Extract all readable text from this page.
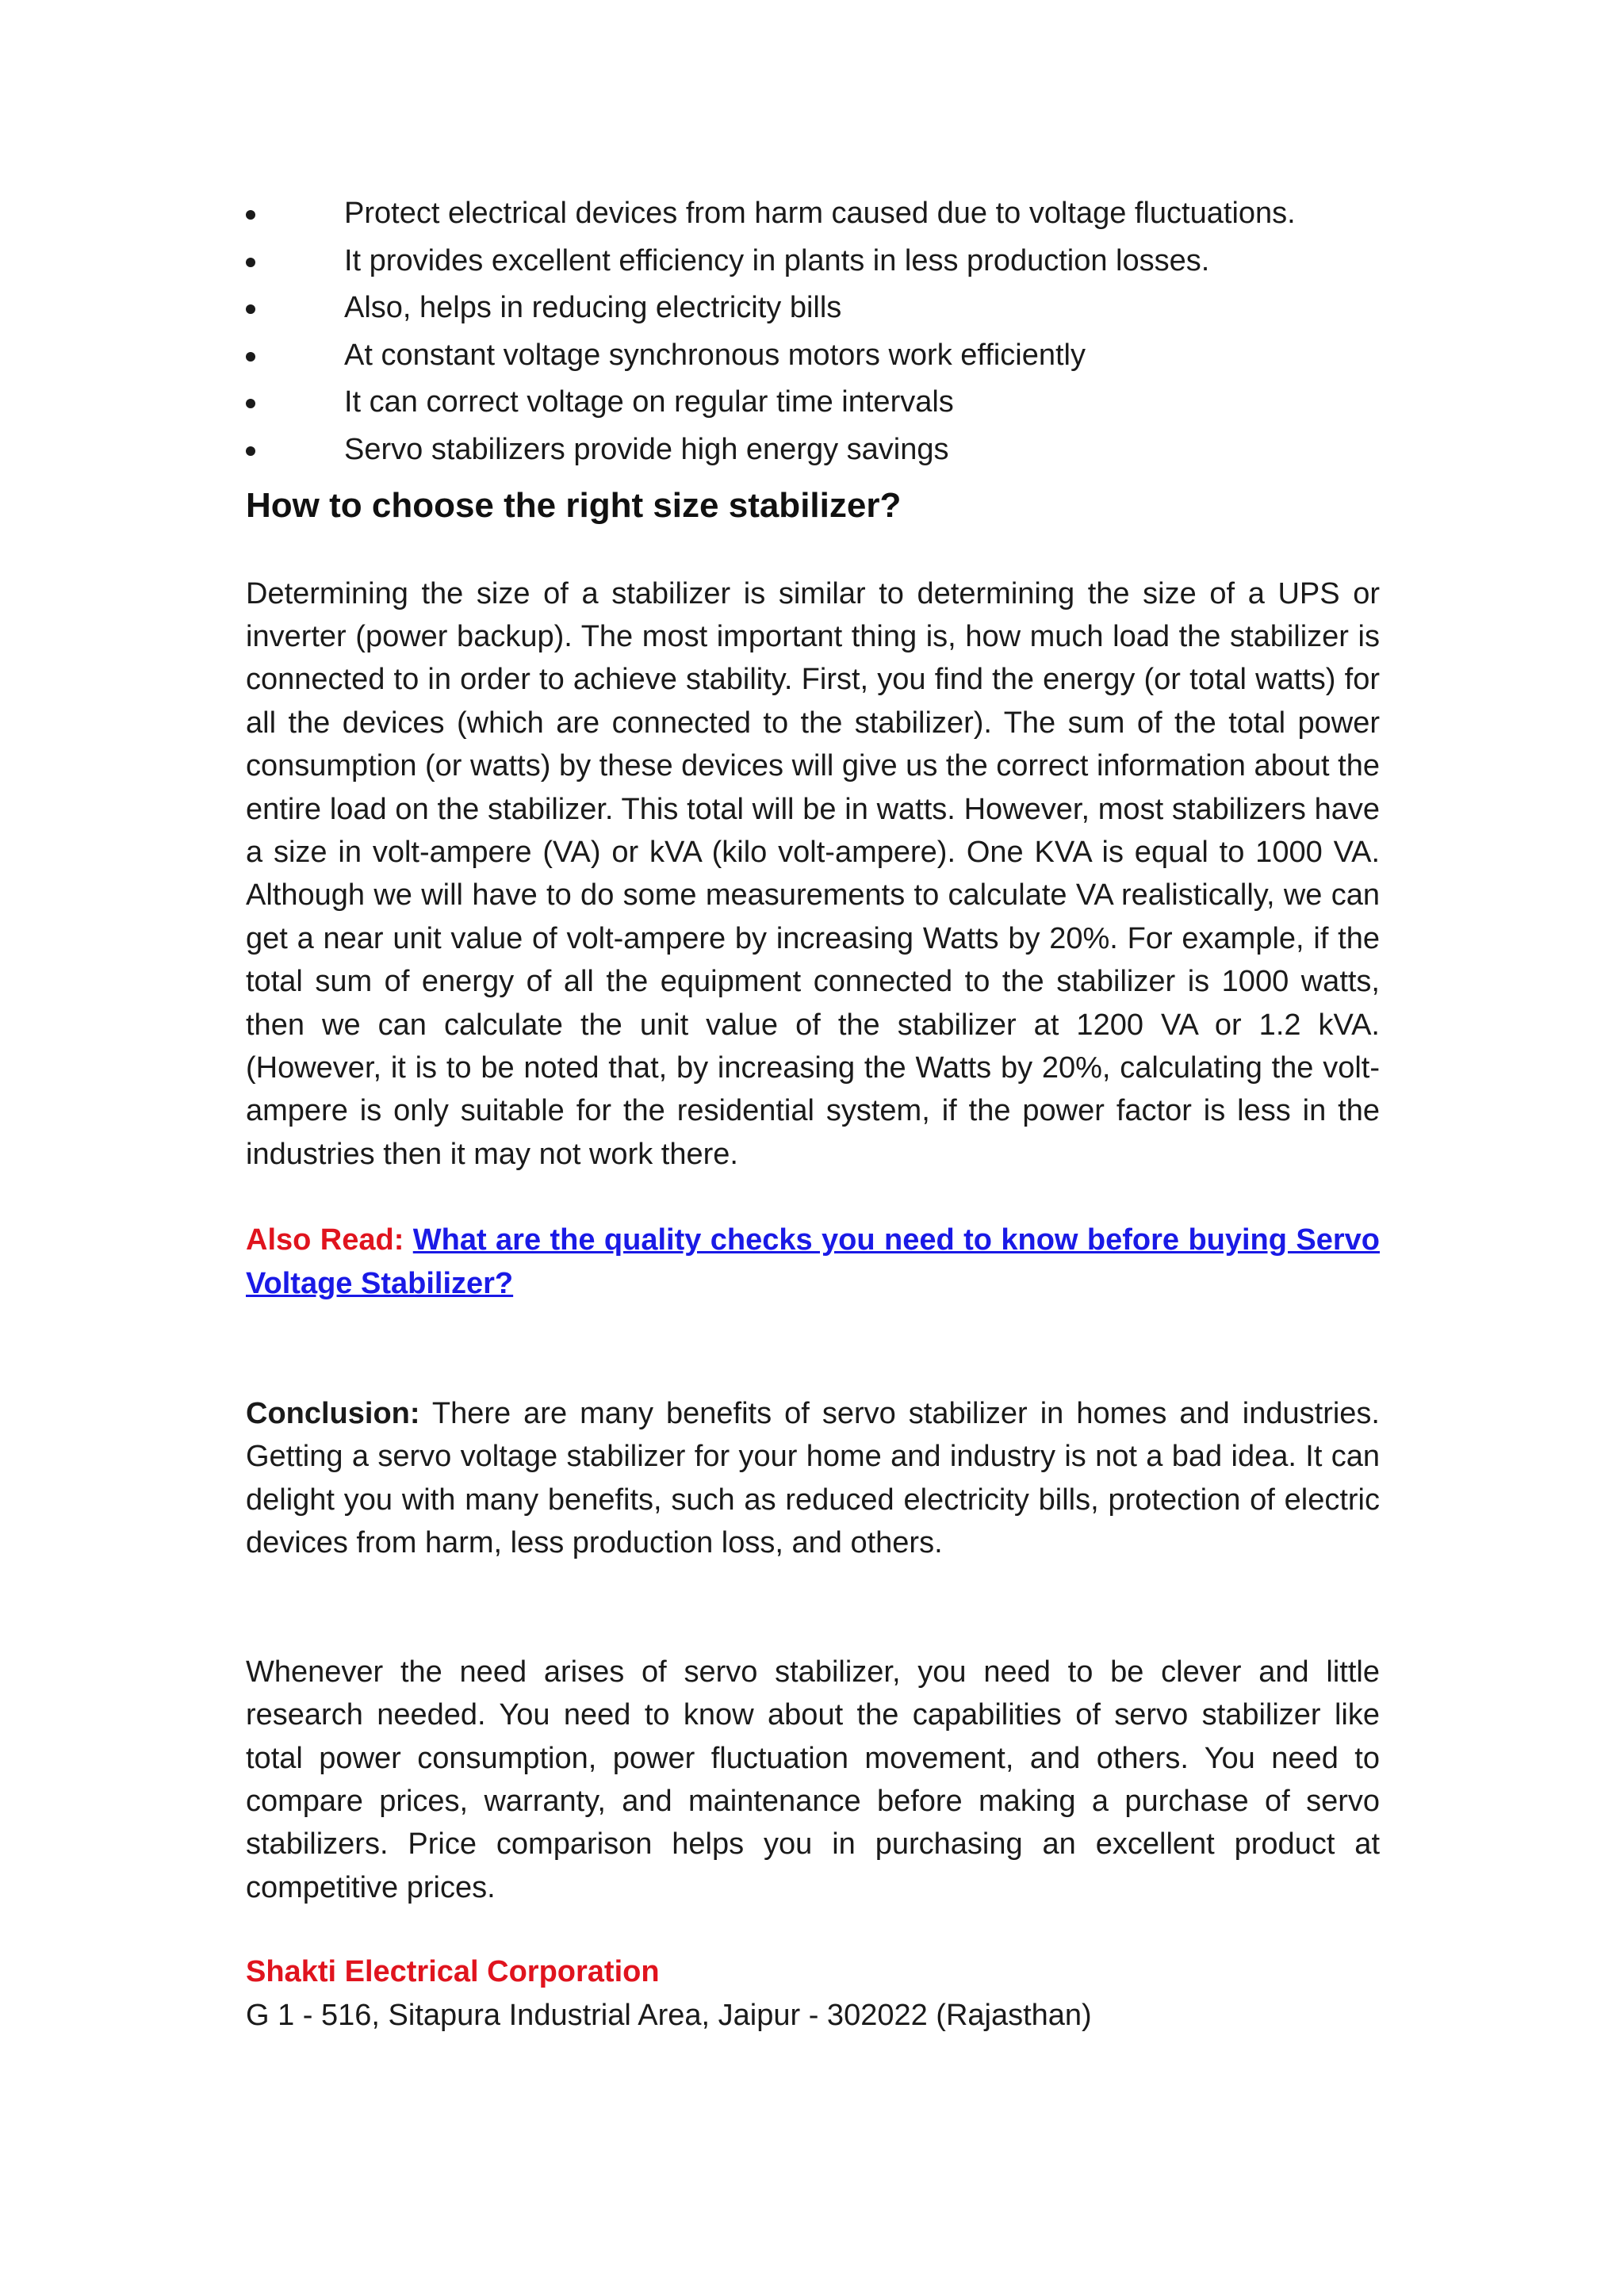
Protect electrical devices from harm caused due to voltage fluctuations.
It provides excellent efficiency in plants in less production losses.
Also, helps in reducing electricity bills
At constant voltage synchronous motors work efficiently
It can correct voltage on regular time intervals
Servo stabilizers provide high energy savings
How to choose the right size stabilizer?

Determining the size of a stabilizer is similar to determining the size of a UPS or inverter (power backup). The most important thing is, how much load the stabilizer is connected to in order to achieve stability. First, you find the energy (or total watts) for all the devices (which are connected to the stabilizer). The sum of the total power consumption (or watts) by these devices will give us the correct information about the entire load on the stabilizer. This total will be in watts. However, most stabilizers have a size in volt-ampere (VA) or kVA (kilo volt-ampere). One KVA is equal to 1000 VA. Although we will have to do some measurements to calculate VA realistically, we can get a near unit value of volt-ampere by increasing Watts by 20%. For example, if the total sum of energy of all the equipment connected to the stabilizer is 1000 watts, then we can calculate the unit value of the stabilizer at 1200 VA or 1.2 kVA. (However, it is to be noted that, by increasing the Watts by 20%, calculating the volt-ampere is only suitable for the residential system, if the power factor is less in the industries then it may not work there.

Also Read: What are the quality checks you need to know before buying Servo Voltage Stabilizer?

Conclusion: There are many benefits of servo stabilizer in homes and industries. Getting a servo voltage stabilizer for your home and industry is not a bad idea. It can delight you with many benefits, such as reduced electricity bills, protection of electric devices from harm, less production loss, and others.

Whenever the need arises of servo stabilizer, you need to be clever and little research needed. You need to know about the capabilities of servo stabilizer like total power consumption, power fluctuation movement, and others. You need to compare prices, warranty, and maintenance before making a purchase of servo stabilizers. Price comparison helps you in purchasing an excellent product at competitive prices.

Shakti Electrical Corporation

G 1 - 516, Sitapura Industrial Area, Jaipur - 302022 (Rajasthan)
